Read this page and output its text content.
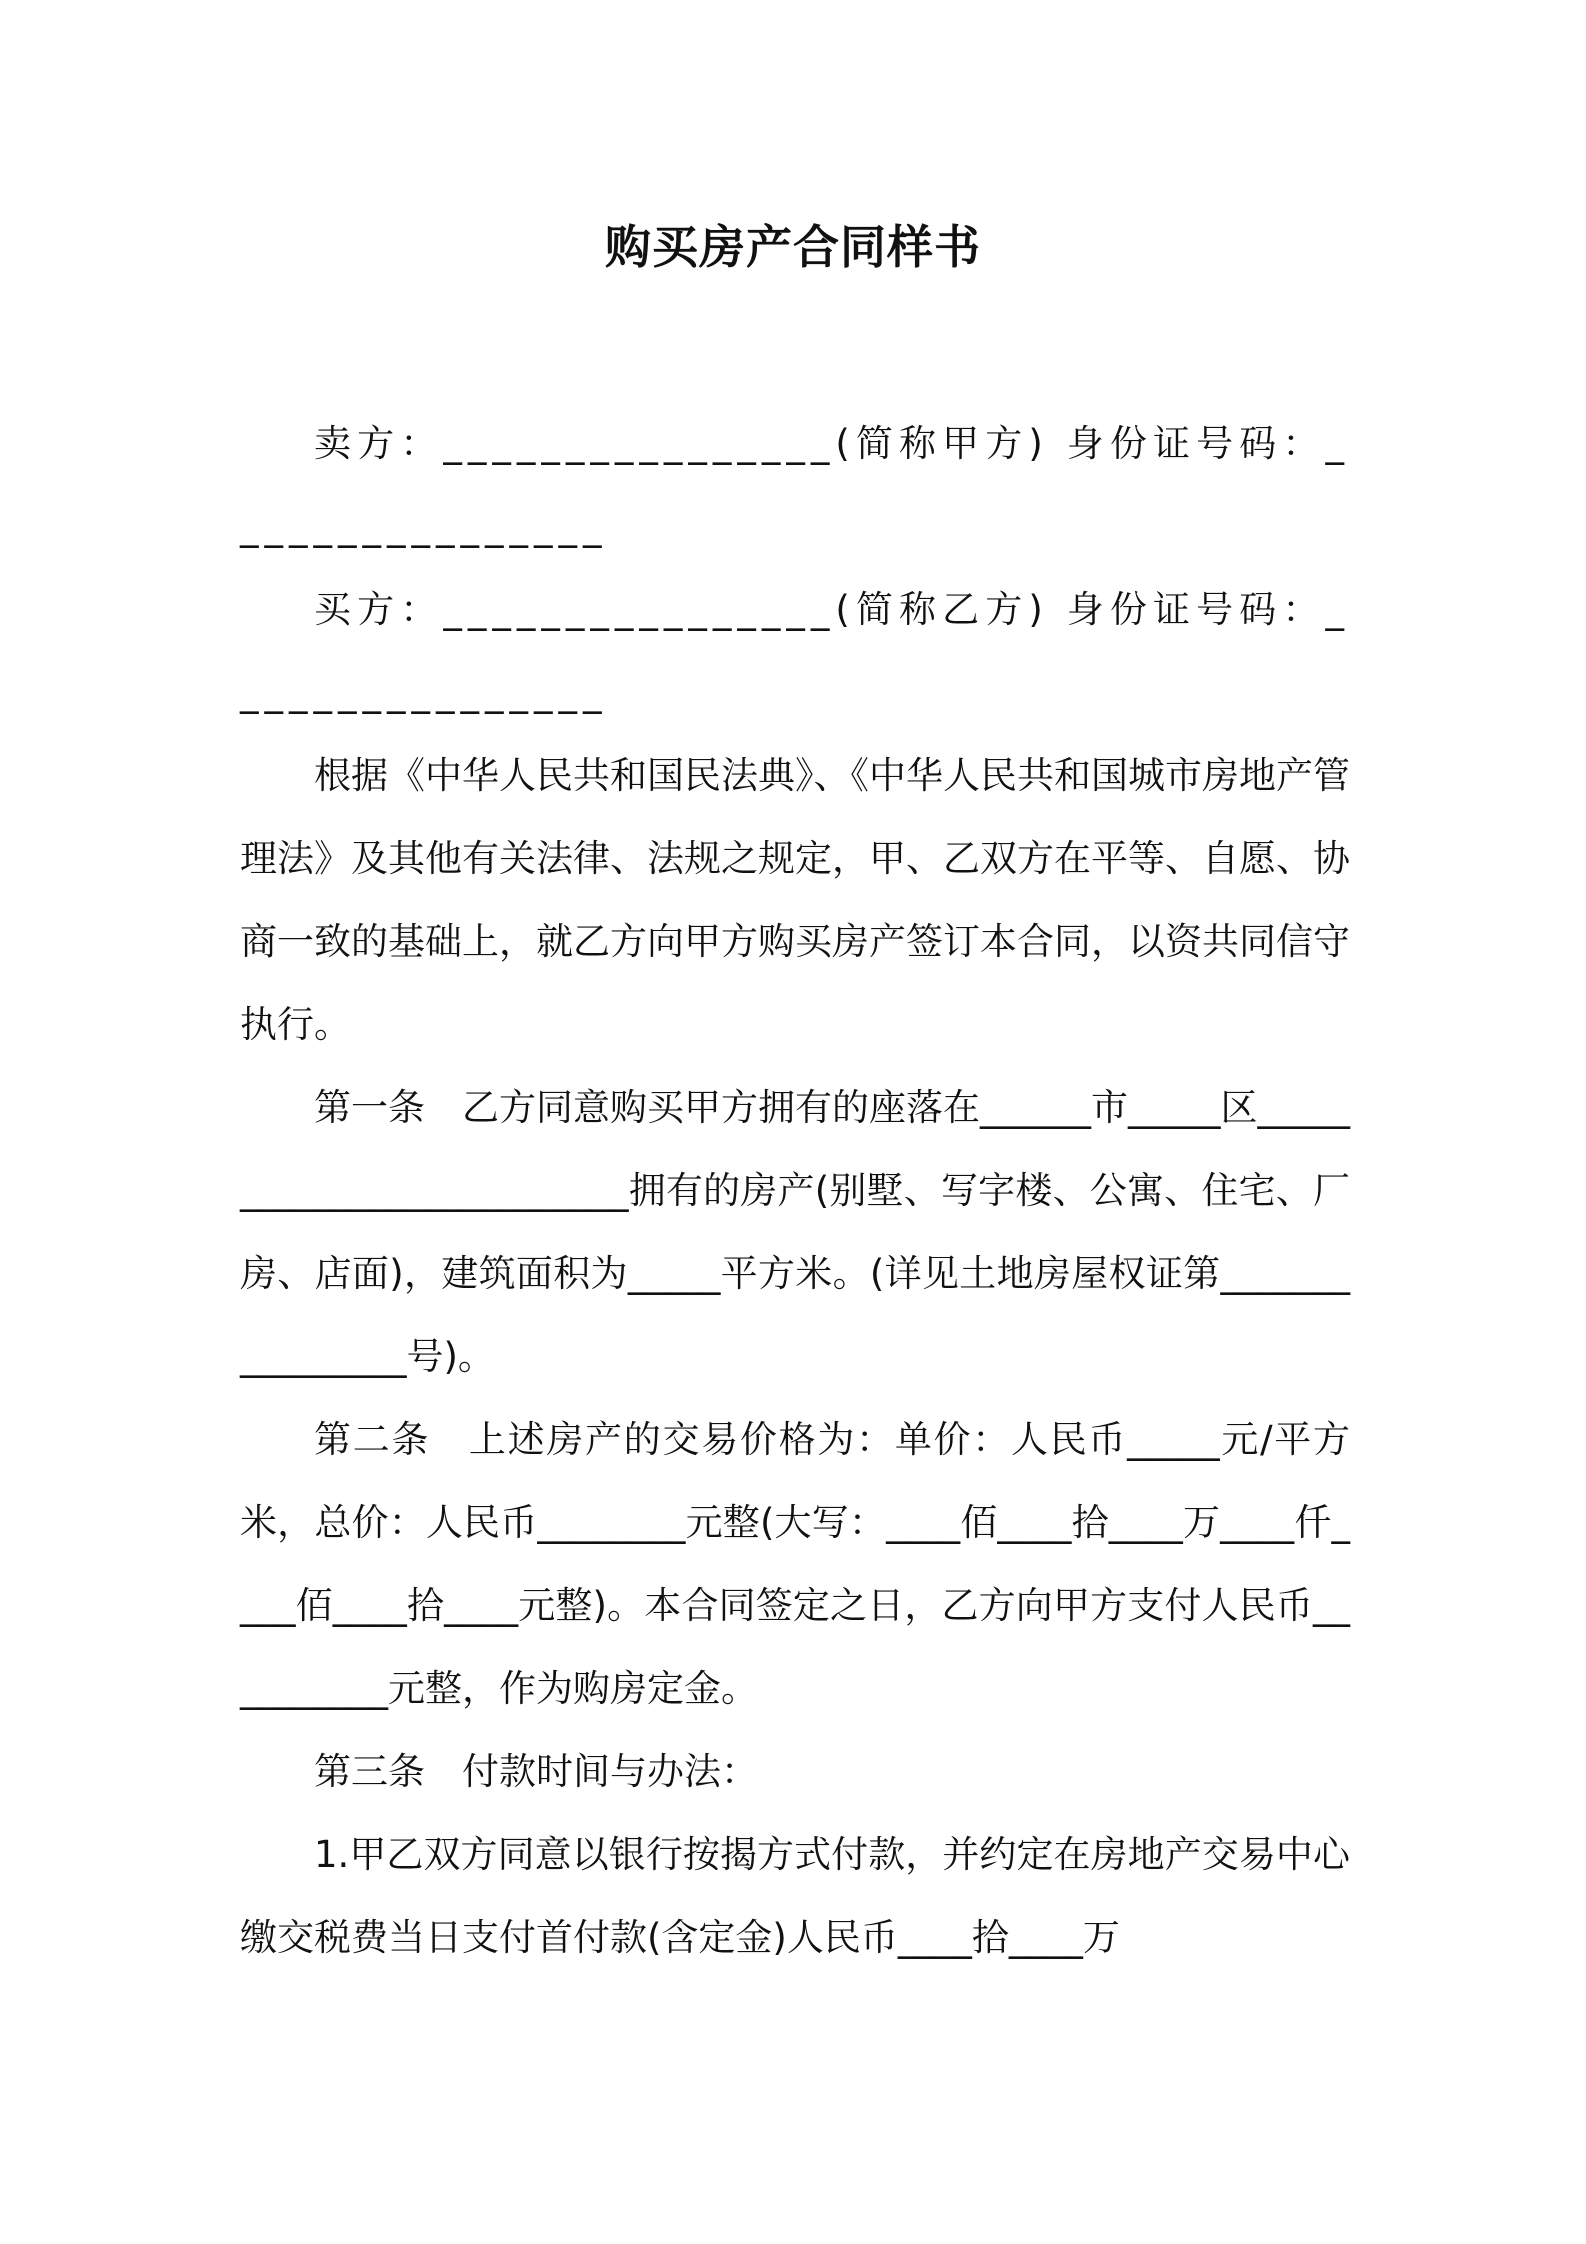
购买房产合同样书

卖方：________________(简称甲方) 身份证号码：________________

买方：________________(简称乙方) 身份证号码：________________

根据《中华人民共和国民法典》、《中华人民共和国城市房地产管理法》及其他有关法律、法规之规定，甲、乙双方在平等、自愿、协商一致的基础上，就乙方向甲方购买房产签订本合同，以资共同信守执行。

第一条　乙方同意购买甲方拥有的座落在______市_____区__________________________拥有的房产(别墅、写字楼、公寓、住宅、厂房、店面)，建筑面积为_____平方米。(详见土地房屋权证第________________号)。

第二条　上述房产的交易价格为：单价：人民币_____元/平方米，总价：人民币________元整(大写：____佰____拾____万____仟____佰____拾____元整)。本合同签定之日，乙方向甲方支付人民币__________元整，作为购房定金。

第三条　付款时间与办法：

1.甲乙双方同意以银行按揭方式付款，并约定在房地产交易中心缴交税费当日支付首付款(含定金)人民币____拾____万
